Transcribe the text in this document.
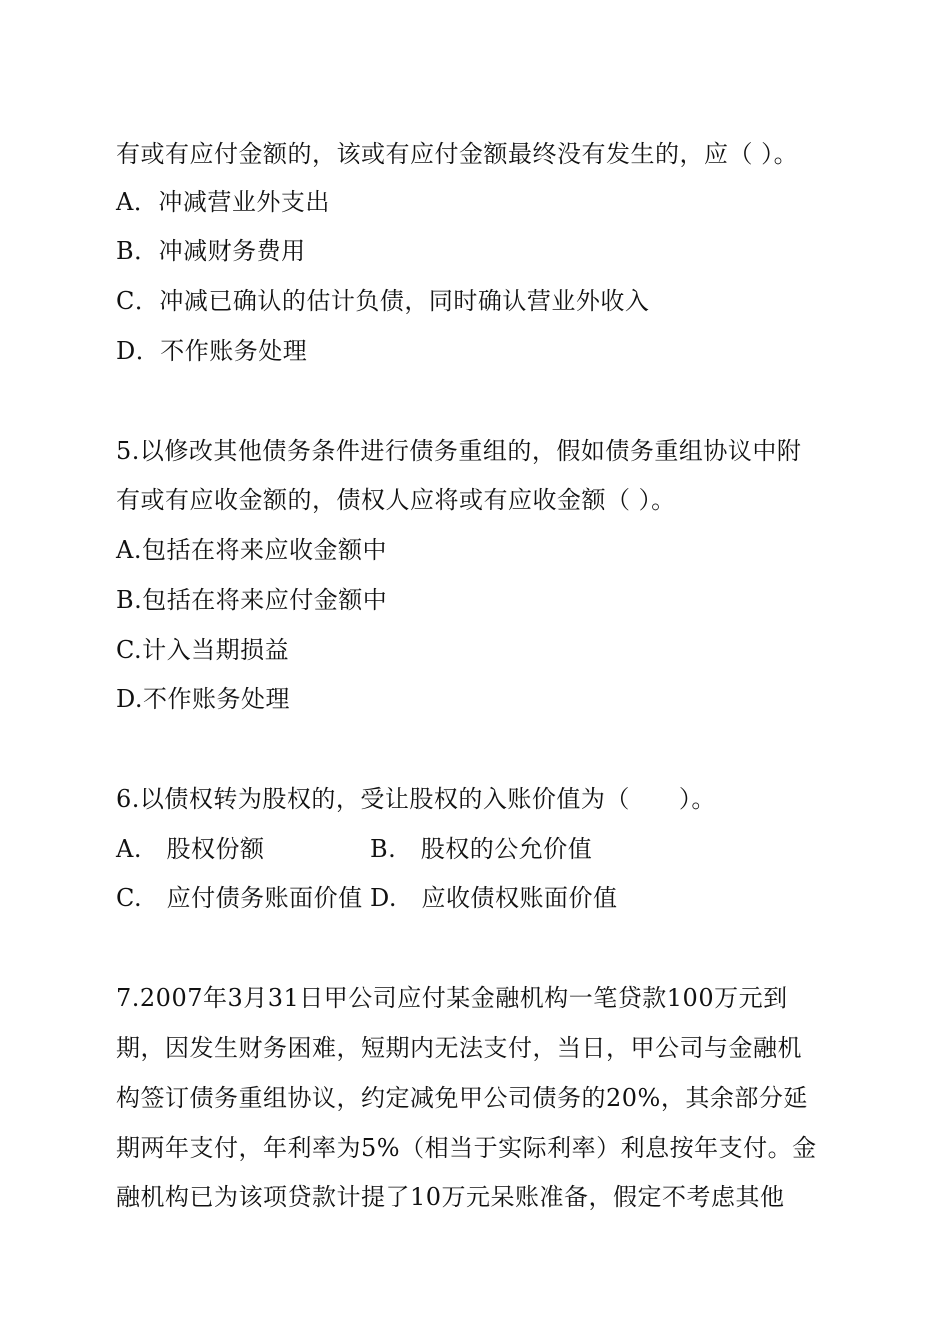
有或有应付金额的，该或有应付金额最终没有发生的，应（ ）。
A．冲减营业外支出
B．冲减财务费用
C．冲减已确认的估计负债，同时确认营业外收入
D．不作账务处理
5.以修改其他债务条件进行债务重组的，假如债务重组协议中附
有或有应收金额的，债权人应将或有应收金额（ ）。
A.包括在将来应收金额中
B.包括在将来应付金额中
C.计入当期损益
D.不作账务处理
6.以债权转为股权的，受让股权的入账价值为（　　）。
A.　股权份额	B.　股权的公允价值
C.　应付债务账面价值 D.　应收债权账面价值
7.2007年3月31日甲公司应付某金融机构一笔贷款100万元到
期，因发生财务困难，短期内无法支付，当日，甲公司与金融机
构签订债务重组协议，约定减免甲公司债务的20%，其余部分延
期两年支付，年利率为5%（相当于实际利率）利息按年支付。金
融机构已为该项贷款计提了10万元呆账准备，假定不考虑其他
